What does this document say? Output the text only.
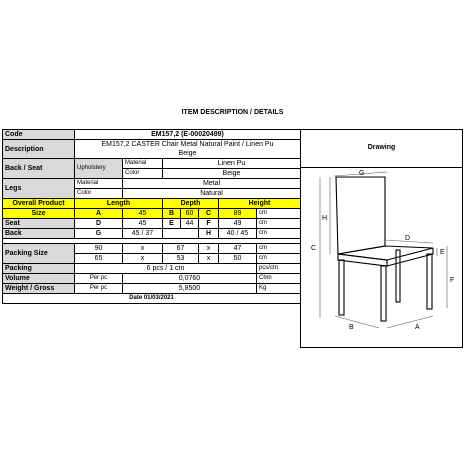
ITEM DESCRIPTION / DETAILS
Code	EM157,2 (E-00020499)						
Description	EM157,2 CASTER Chair Metal Natural Paint / Linen Pu
Beige						

Back / Seat	Upholstery	Material	Linen Pu				
		Color	Beige				
Legs	Material	Metal					
	Color	Natural					
Overall Product	Length		Depth			Height	
Size	A	45	B	60	C	89	cm
Seat	D	45	E	44	F	49	cm
Back	G	45 / 37			H	40 / 45	cm

Packing Size	90	x	67		x	47	cm
	65	x	53		x	50	cm
Packing	6 pcs / 1 ctn						pcs/ctn
Volume	Per pc	0,0760					Cbm
Weight / Gross	Per pc	5,8500					Kg
Date 01/03/2021							
Drawing
G
H
C
D
E
F
B	A
